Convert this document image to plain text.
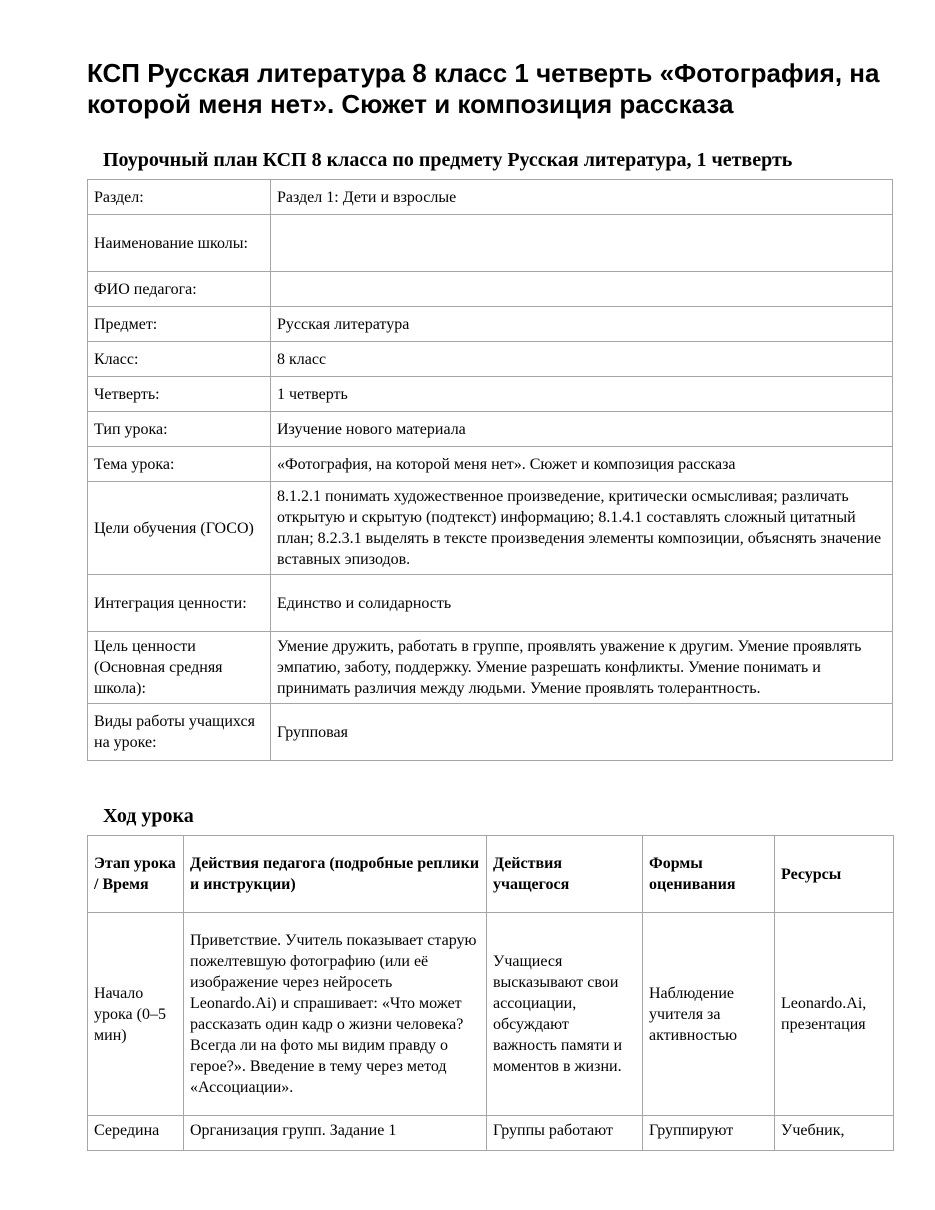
КСП Русская литература 8 класс 1 четверть «Фотография, на которой меня нет». Сюжет и композиция рассказа
Поурочный план КСП 8 класса по предмету Русская литература, 1 четверть
Раздел:	Раздел 1: Дети и взрослые
Наименование школы:	
ФИО педагога:	
Предмет:	Русская литература
Класс:	8 класс
Четверть:	1 четверть
Тип урока:	Изучение нового материала
Тема урока:	«Фотография, на которой меня нет». Сюжет и композиция рассказа
Цели обучения (ГОСО)	8.1.2.1 понимать художественное произведение, критически осмысливая; различать открытую и скрытую (подтекст) информацию; 8.1.4.1 составлять сложный цитатный план; 8.2.3.1 выделять в тексте произведения элементы композиции, объяснять значение вставных эпизодов.
Интеграция ценности:	Единство и солидарность
Цель ценности (Основная средняя школа):	Умение дружить, работать в группе, проявлять уважение к другим. Умение проявлять эмпатию, заботу, поддержку. Умение разрешать конфликты. Умение понимать и принимать различия между людьми. Умение проявлять толерантность.
Виды работы учащихся на уроке:	Групповая
Ход урока
Этап урока / Время	Действия педагога (подробные реплики и инструкции)	Действия учащегося	Формы оценивания	Ресурсы
Начало урока (0–5 мин)	Приветствие. Учитель показывает старую пожелтевшую фотографию (или её изображение через нейросеть Leonardo.Ai) и спрашивает: «Что может рассказать один кадр о жизни человека? Всегда ли на фото мы видим правду о герое?». Введение в тему через метод «Ассоциации».	Учащиеся высказывают свои ассоциации, обсуждают важность памяти и моментов в жизни.	Наблюдение учителя за активностью	Leonardo.Ai, презентация
Середина	Организация групп. Задание 1	Группы работают	Группируют	Учебник,
